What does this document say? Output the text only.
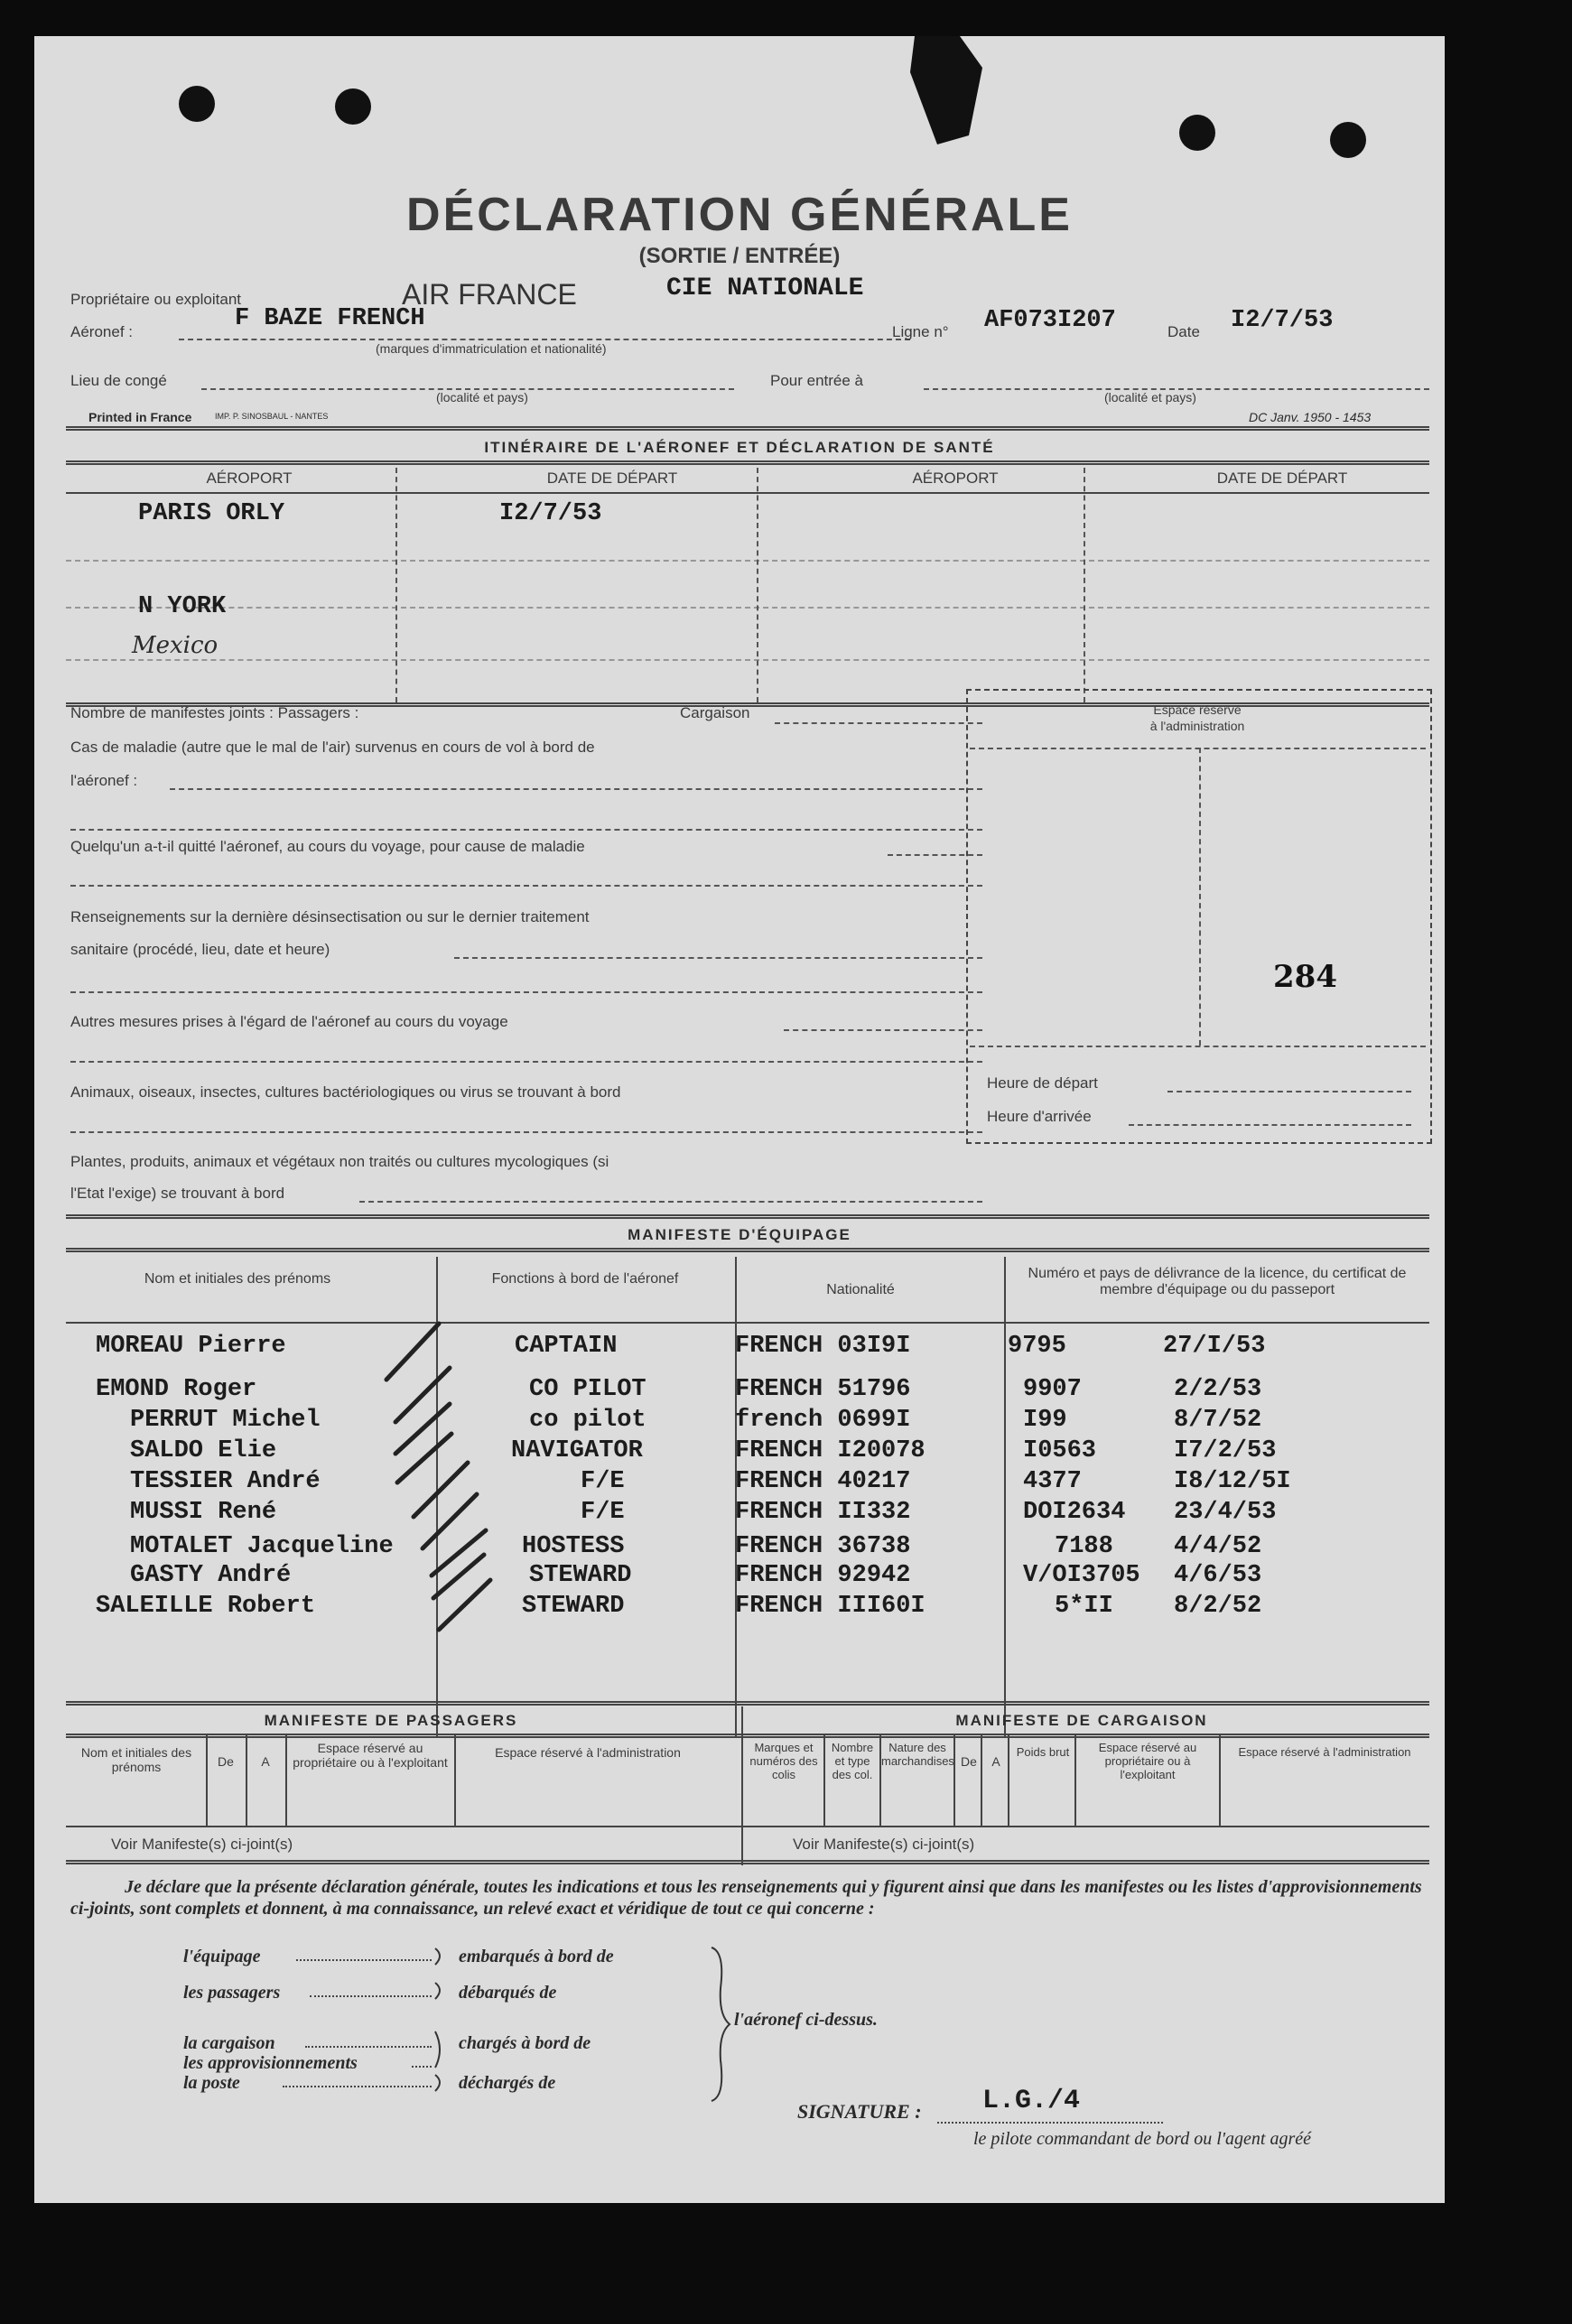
DÉCLARATION GÉNÉRALE
(SORTIE / ENTRÉE)
Propriétaire ou exploitant	AIR FRANCE	CIE NATIONALE
Aéronef :	F BAZE FRENCH
(marques d'immatriculation et nationalité)
Ligne n° AF073I207	Date I2/7/53
Lieu de congé
(localité et pays)
Pour entrée à
(localité et pays)
Printed in France	IMP. P. SINOSBAUL - NANTES	DC Janv. 1950 - 1453
ITINÉRAIRE DE L'AÉRONEF ET DÉCLARATION DE SANTÉ
AÉROPORT	DATE DE DÉPART	AÉROPORT	DATE DE DÉPART
PARIS ORLY	I2/7/53
N YORK
Mexico
Nombre de manifestes joints : Passagers :	Cargaison
Cas de maladie (autre que le mal de l'air) survenus en cours de vol à bord de
l'aéronef :
Quelqu'un a-t-il quitté l'aéronef, au cours du voyage, pour cause de maladie
Renseignements sur la dernière désinsectisation ou sur le dernier traitement
sanitaire (procédé, lieu, date et heure)
Autres mesures prises à l'égard de l'aéronef au cours du voyage
Animaux, oiseaux, insectes, cultures bactériologiques ou virus se trouvant à bord
Plantes, produits, animaux et végétaux non traités ou cultures mycologiques (si
l'Etat l'exige) se trouvant à bord
Espace réservé
à l'administration
284
Heure de départ
Heure d'arrivée
MANIFESTE D'ÉQUIPAGE
Nom et initiales des prénoms	Fonctions à bord de l'aéronef
Nationalité
Numéro et pays de délivrance de la licence, du certificat de membre d'équipage ou du passeport
MOREAU Pierre	CAPTAIN	FRENCH 03I9I	9795	27/I/53
EMOND Roger	CO PILOT	FRENCH 51796	9907	2/2/53
PERRUT Michel	co pilot	french 0699I	I99	8/7/52
SALDO Elie	NAVIGATOR	FRENCH I20078	I0563	I7/2/53
TESSIER André	F/E	FRENCH 40217	4377	I8/12/5I
MUSSI René	F/E	FRENCH II332	DOI2634 23/4/53
MOTALET Jacqueline	HOSTESS	FRENCH 36738	7188 4/4/52
GASTY André	STEWARD	FRENCH 92942	V/OI3705 4/6/53
SALEILLE Robert	STEWARD	FRENCH III60I	5*II 8/2/52
MANIFESTE DE PASSAGERS	MANIFESTE DE CARGAISON
Nom et initiales des prénoms	De	A
Espace réservé au propriétaire ou à l'exploitant
Espace réservé à l'administration	Marques et numéros des colis
Nombre et type des col.
Nature des marchandises De	A
Poids brut	Espace réservé au propriétaire ou à l'exploitant
Espace réservé à l'administration
Voir Manifeste(s) ci-joint(s)	Voir Manifeste(s) ci-joint(s)
Je déclare que la présente déclaration générale, toutes les indications et tous les renseignements qui y figurent ainsi que dans les manifestes ou les listes d'approvisionnements ci-joints, sont complets et donnent, à ma connaissance, un relevé exact et véridique de tout ce qui concerne :
l'équipage
les passagers
la cargaison
les approvisionnements
la poste
embarqués à bord de
débarqués de
chargés à bord de
déchargés de
l'aéronef ci-dessus.
SIGNATURE : L.G./4
le pilote commandant de bord ou l'agent agréé
